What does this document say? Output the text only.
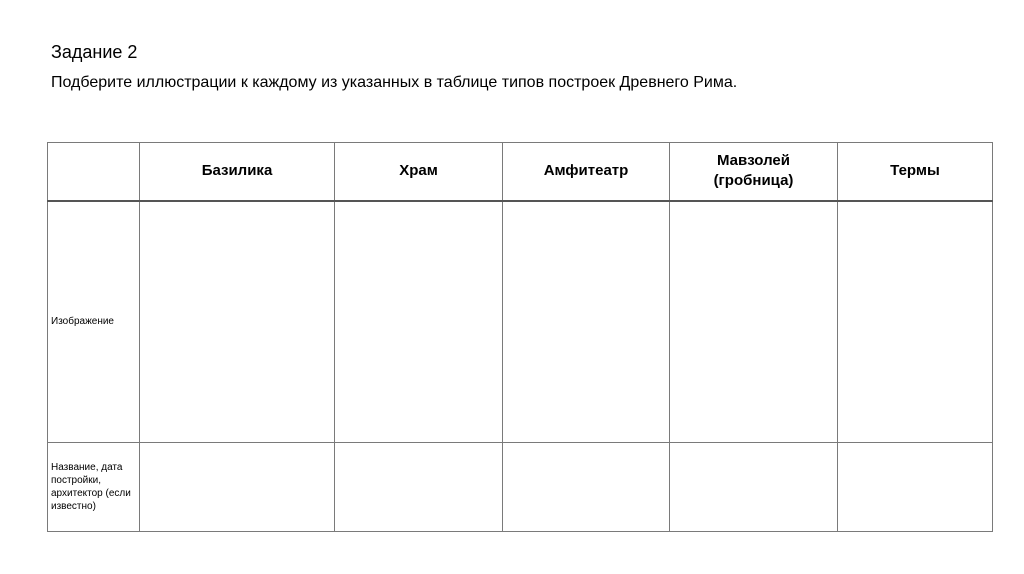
Задание 2
Подберите иллюстрации к каждому из указанных в таблице типов построек Древнего Рима.
	Базилика	Храм	Амфитеатр	Мавзолей (гробница)	Термы
Изображение					

Название, дата постройки, архитектор (если известно)					
